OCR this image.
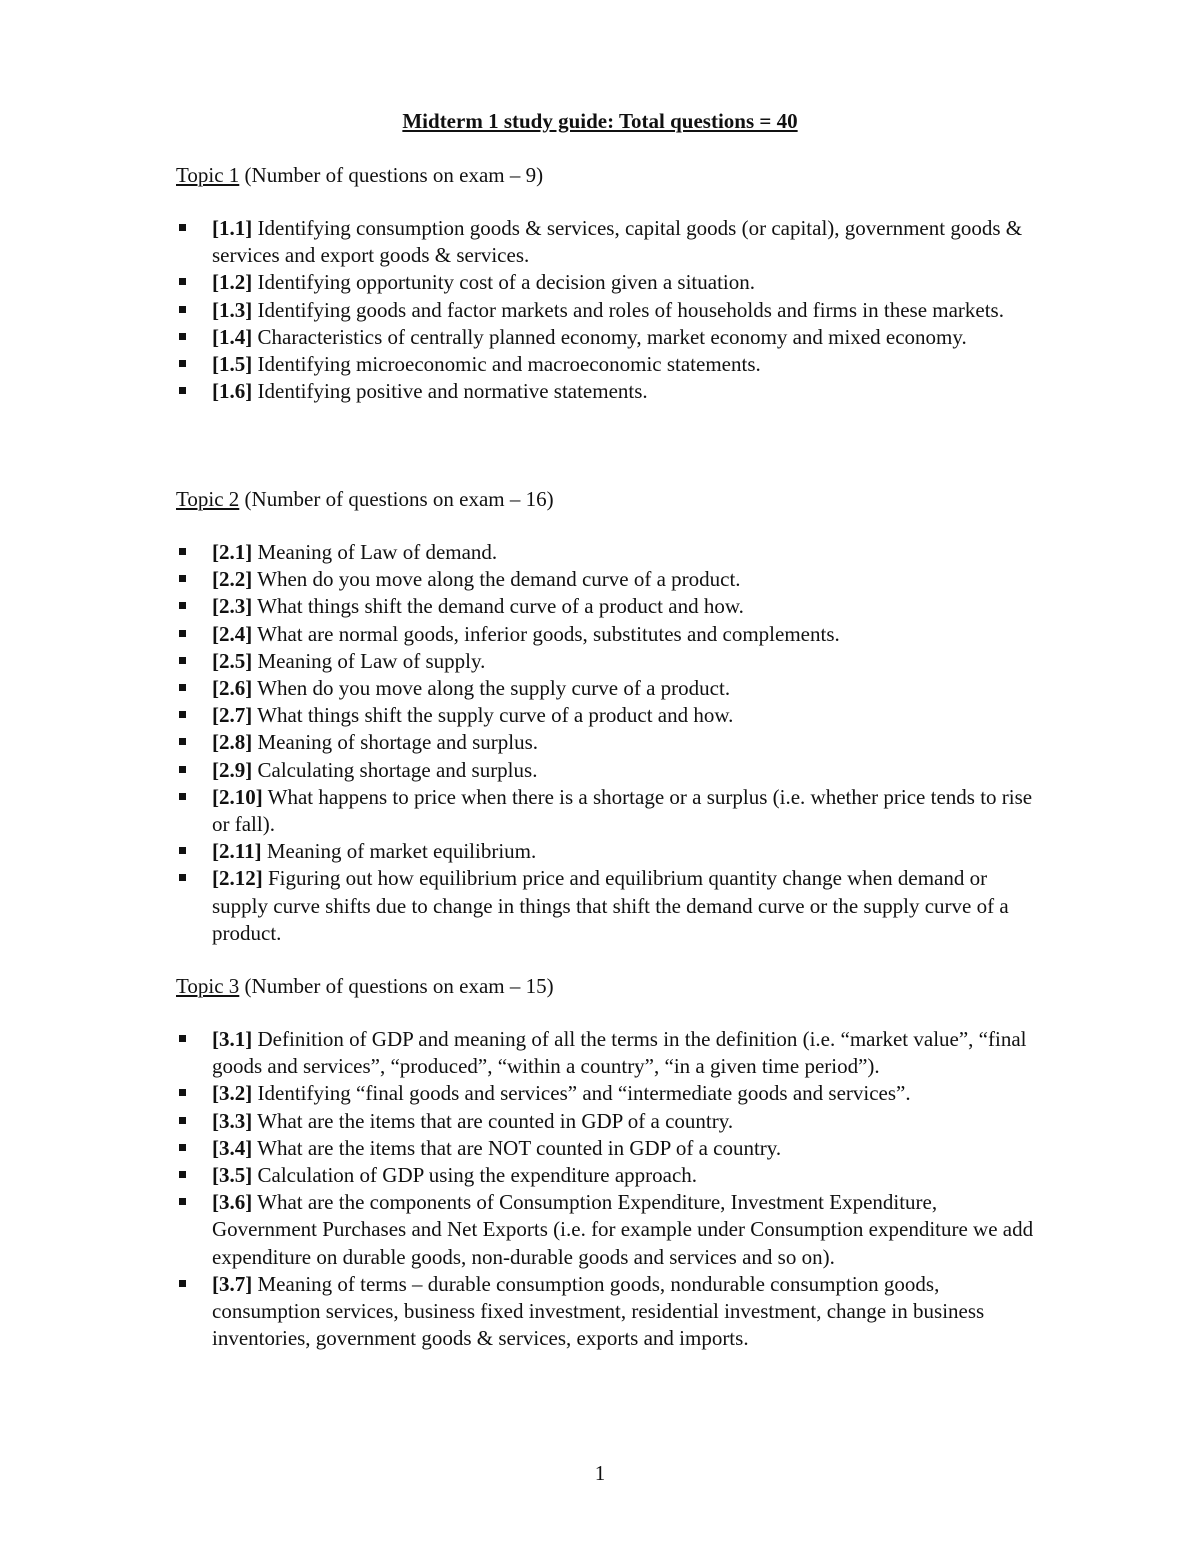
Midterm 1 study guide: Total questions = 40
Topic 1 (Number of questions on exam – 9)
[1.1] Identifying consumption goods & services, capital goods (or capital), government goods & services and export goods & services.
[1.2] Identifying opportunity cost of a decision given a situation.
[1.3] Identifying goods and factor markets and roles of households and firms in these markets.
[1.4] Characteristics of centrally planned economy, market economy and mixed economy.
[1.5] Identifying microeconomic and macroeconomic statements.
[1.6] Identifying positive and normative statements.
Topic 2 (Number of questions on exam – 16)
[2.1] Meaning of Law of demand.
[2.2] When do you move along the demand curve of a product.
[2.3] What things shift the demand curve of a product and how.
[2.4] What are normal goods, inferior goods, substitutes and complements.
[2.5] Meaning of Law of supply.
[2.6] When do you move along the supply curve of a product.
[2.7] What things shift the supply curve of a product and how.
[2.8] Meaning of shortage and surplus.
[2.9] Calculating shortage and surplus.
[2.10] What happens to price when there is a shortage or a surplus (i.e. whether price tends to rise or fall).
[2.11] Meaning of market equilibrium.
[2.12] Figuring out how equilibrium price and equilibrium quantity change when demand or supply curve shifts due to change in things that shift the demand curve or the supply curve of a product.
Topic 3 (Number of questions on exam – 15)
[3.1] Definition of GDP and meaning of all the terms in the definition (i.e. “market value”, “final goods and services”, “produced”, “within a country”, “in a given time period”).
[3.2] Identifying “final goods and services” and “intermediate goods and services”.
[3.3] What are the items that are counted in GDP of a country.
[3.4] What are the items that are NOT counted in GDP of a country.
[3.5] Calculation of GDP using the expenditure approach.
[3.6] What are the components of Consumption Expenditure, Investment Expenditure, Government Purchases and Net Exports (i.e. for example under Consumption expenditure we add expenditure on durable goods, non-durable goods and services and so on).
[3.7] Meaning of terms – durable consumption goods, nondurable consumption goods, consumption services, business fixed investment, residential investment, change in business inventories, government goods & services, exports and imports.
1
